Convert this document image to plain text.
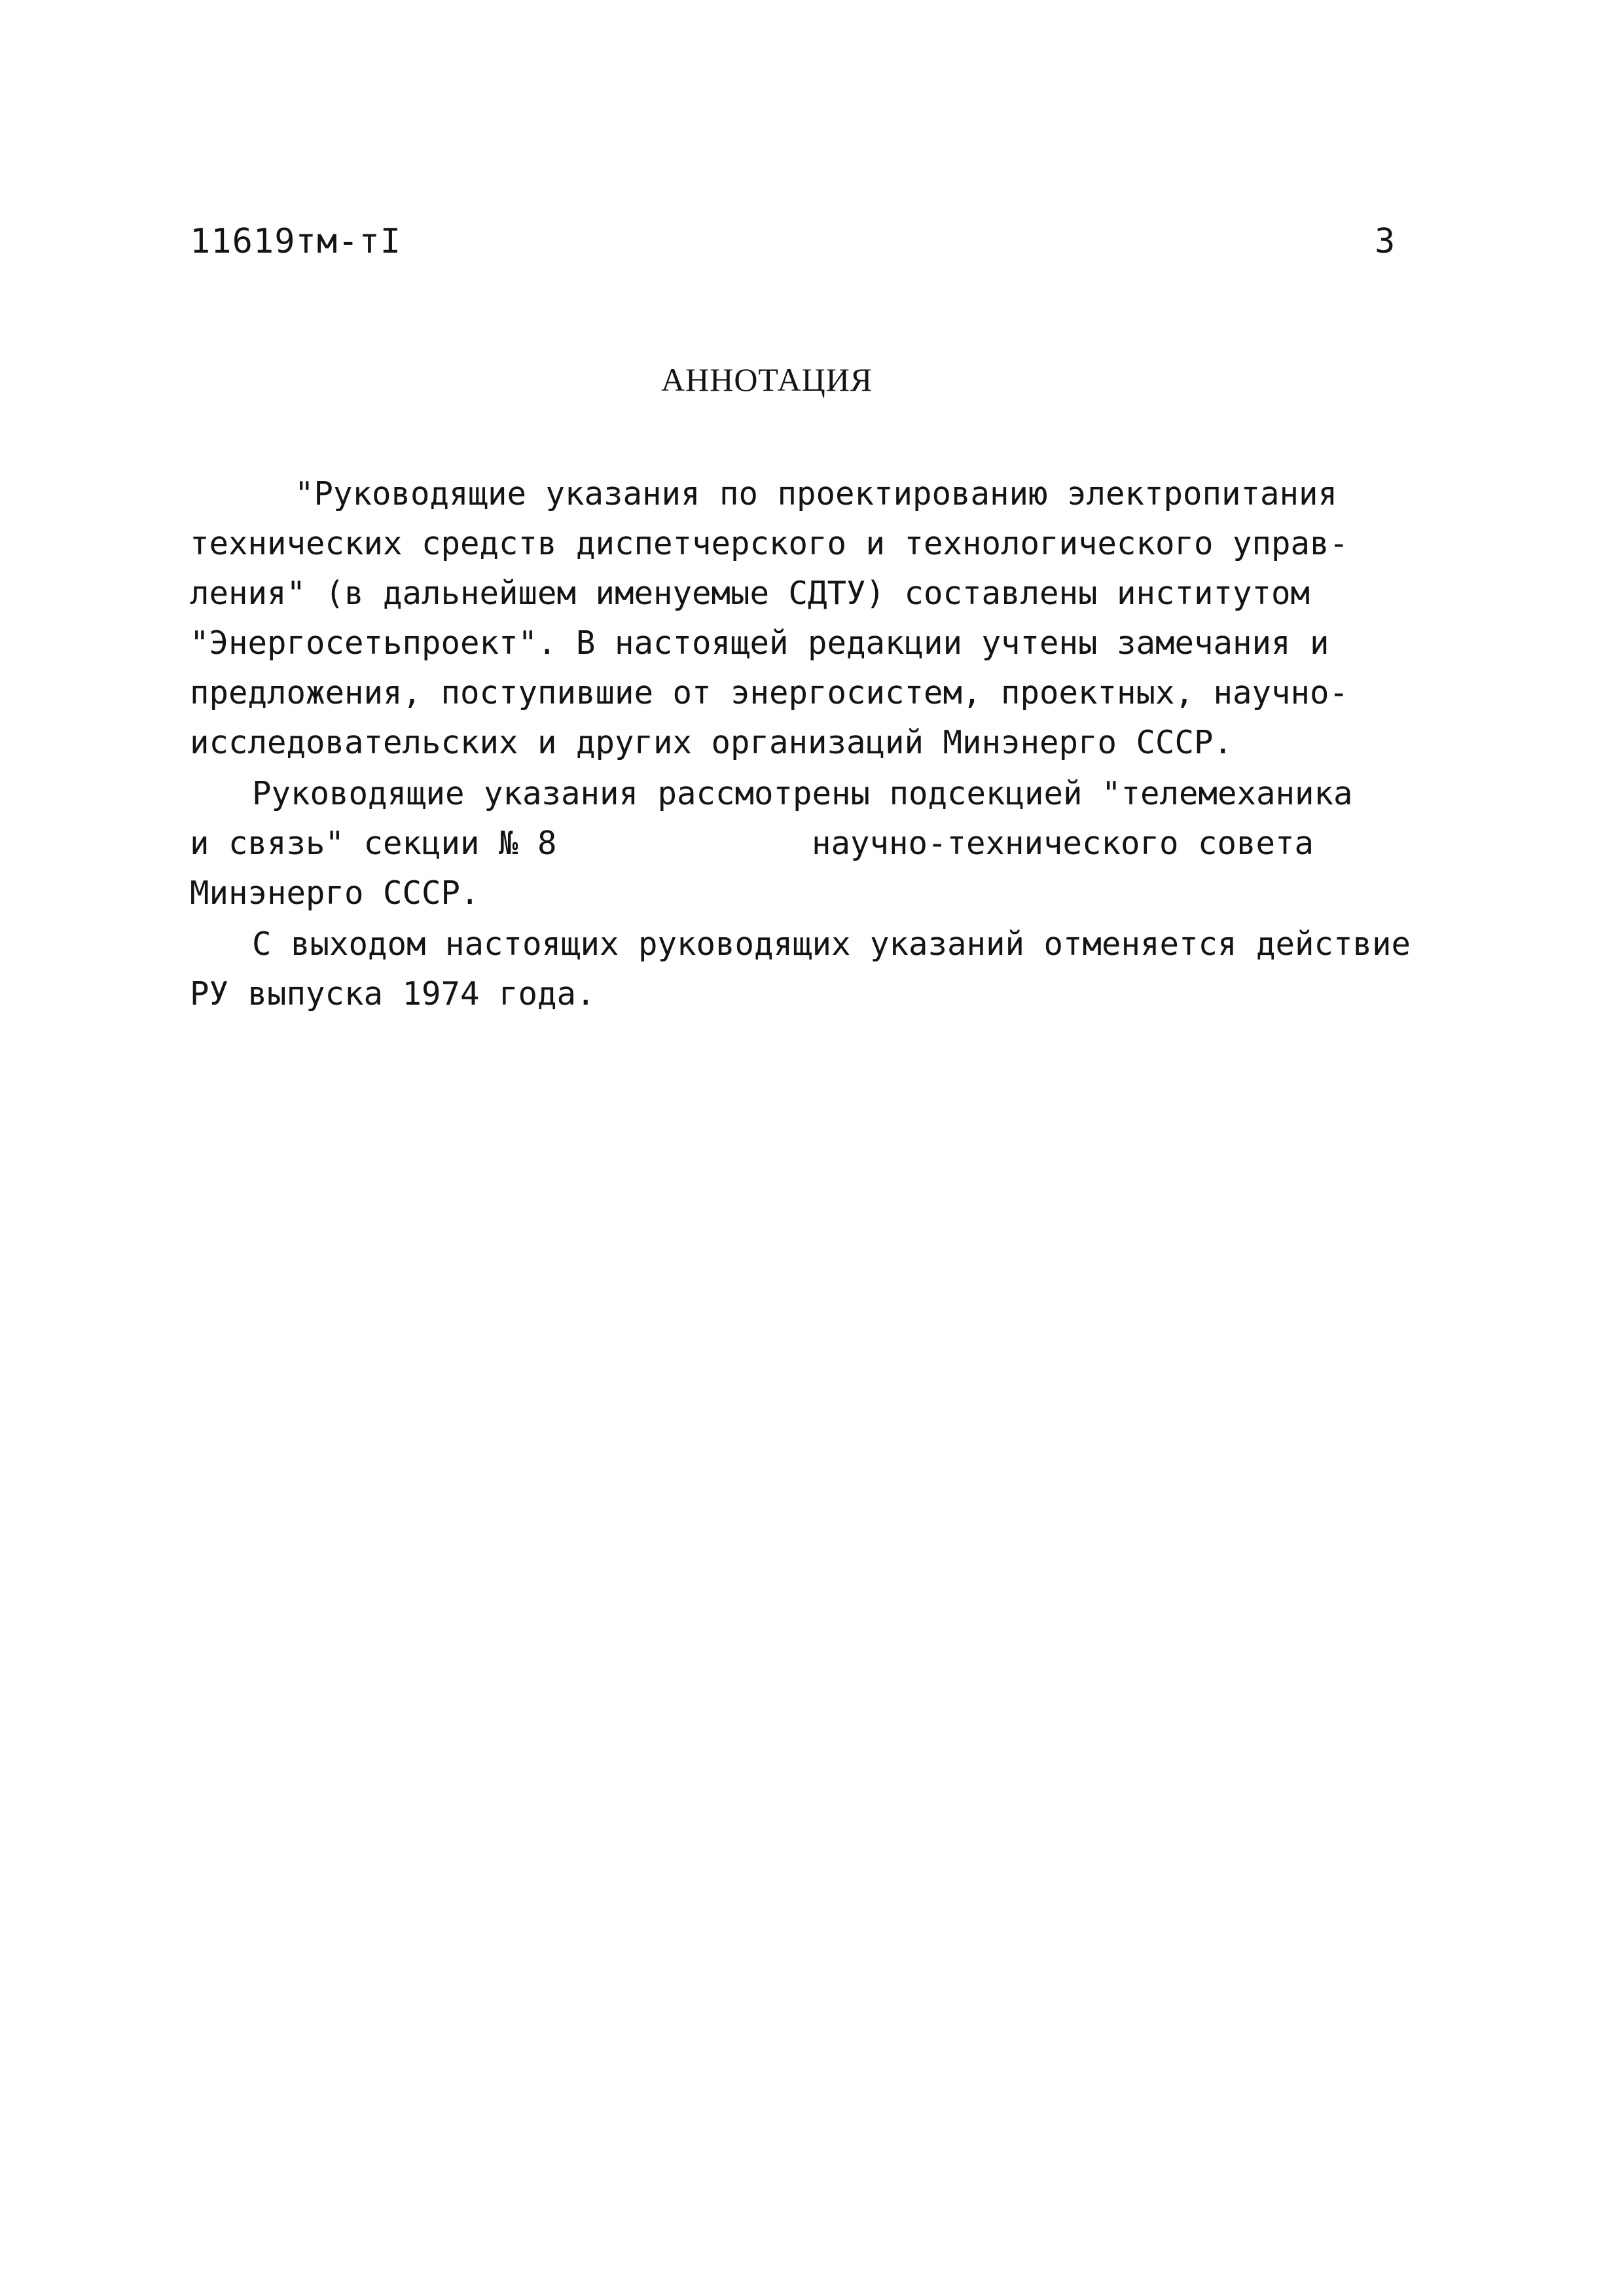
11619тм-тI	3
АННОТАЦИЯ
"Руководящие указания по проектированию электропитания
технических средств диспетчерского и технологического управ-
ления" (в дальнейшем именуемые СДТУ) составлены институтом
"Энергосетьпроект". В настоящей редакции учтены замечания и
предложения, поступившие от энергосистем, проектных, научно-
исследовательских и других организаций Минэнерго СССР.
Руководящие указания рассмотрены подсекцией "телемеханика
и связь" секции № 8	научно-технического совета
Минэнерго СССР.
С выходом настоящих руководящих указаний отменяется действие
РУ выпуска 1974 года.
